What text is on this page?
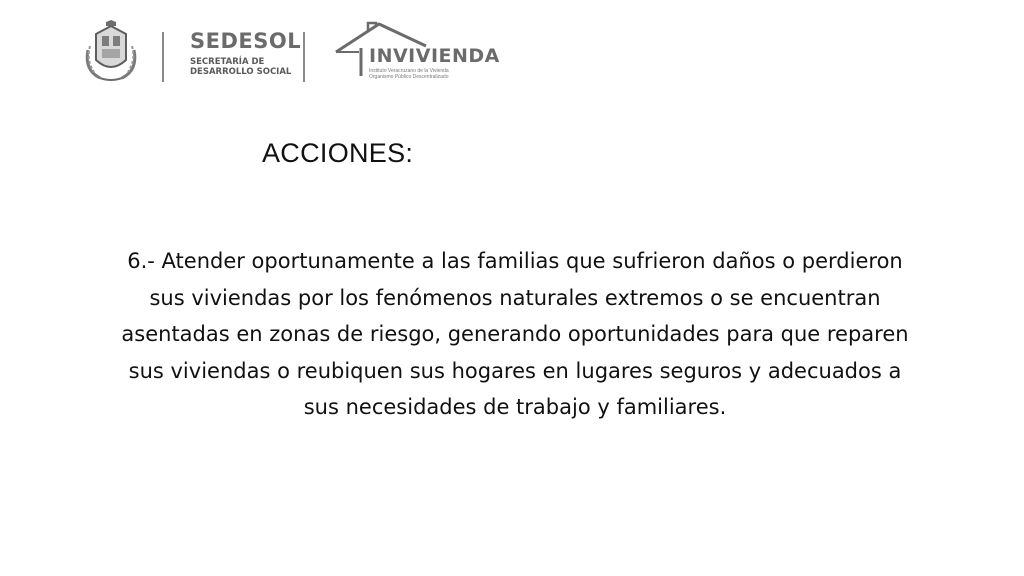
SEDESOL
SECRETARÍA DE
DESARROLLO SOCIAL
INVIVIENDA
Instituto Veracruzano de la Vivienda
Organismo Público Descentralizado
ACCIONES:
6.- Atender oportunamente a las familias que sufrieron daños o perdieron sus viviendas por los fenómenos naturales extremos o se encuentran asentadas en zonas de riesgo, generando oportunidades para que reparen sus viviendas o reubiquen sus hogares en lugares seguros y adecuados a sus necesidades de trabajo y familiares.
